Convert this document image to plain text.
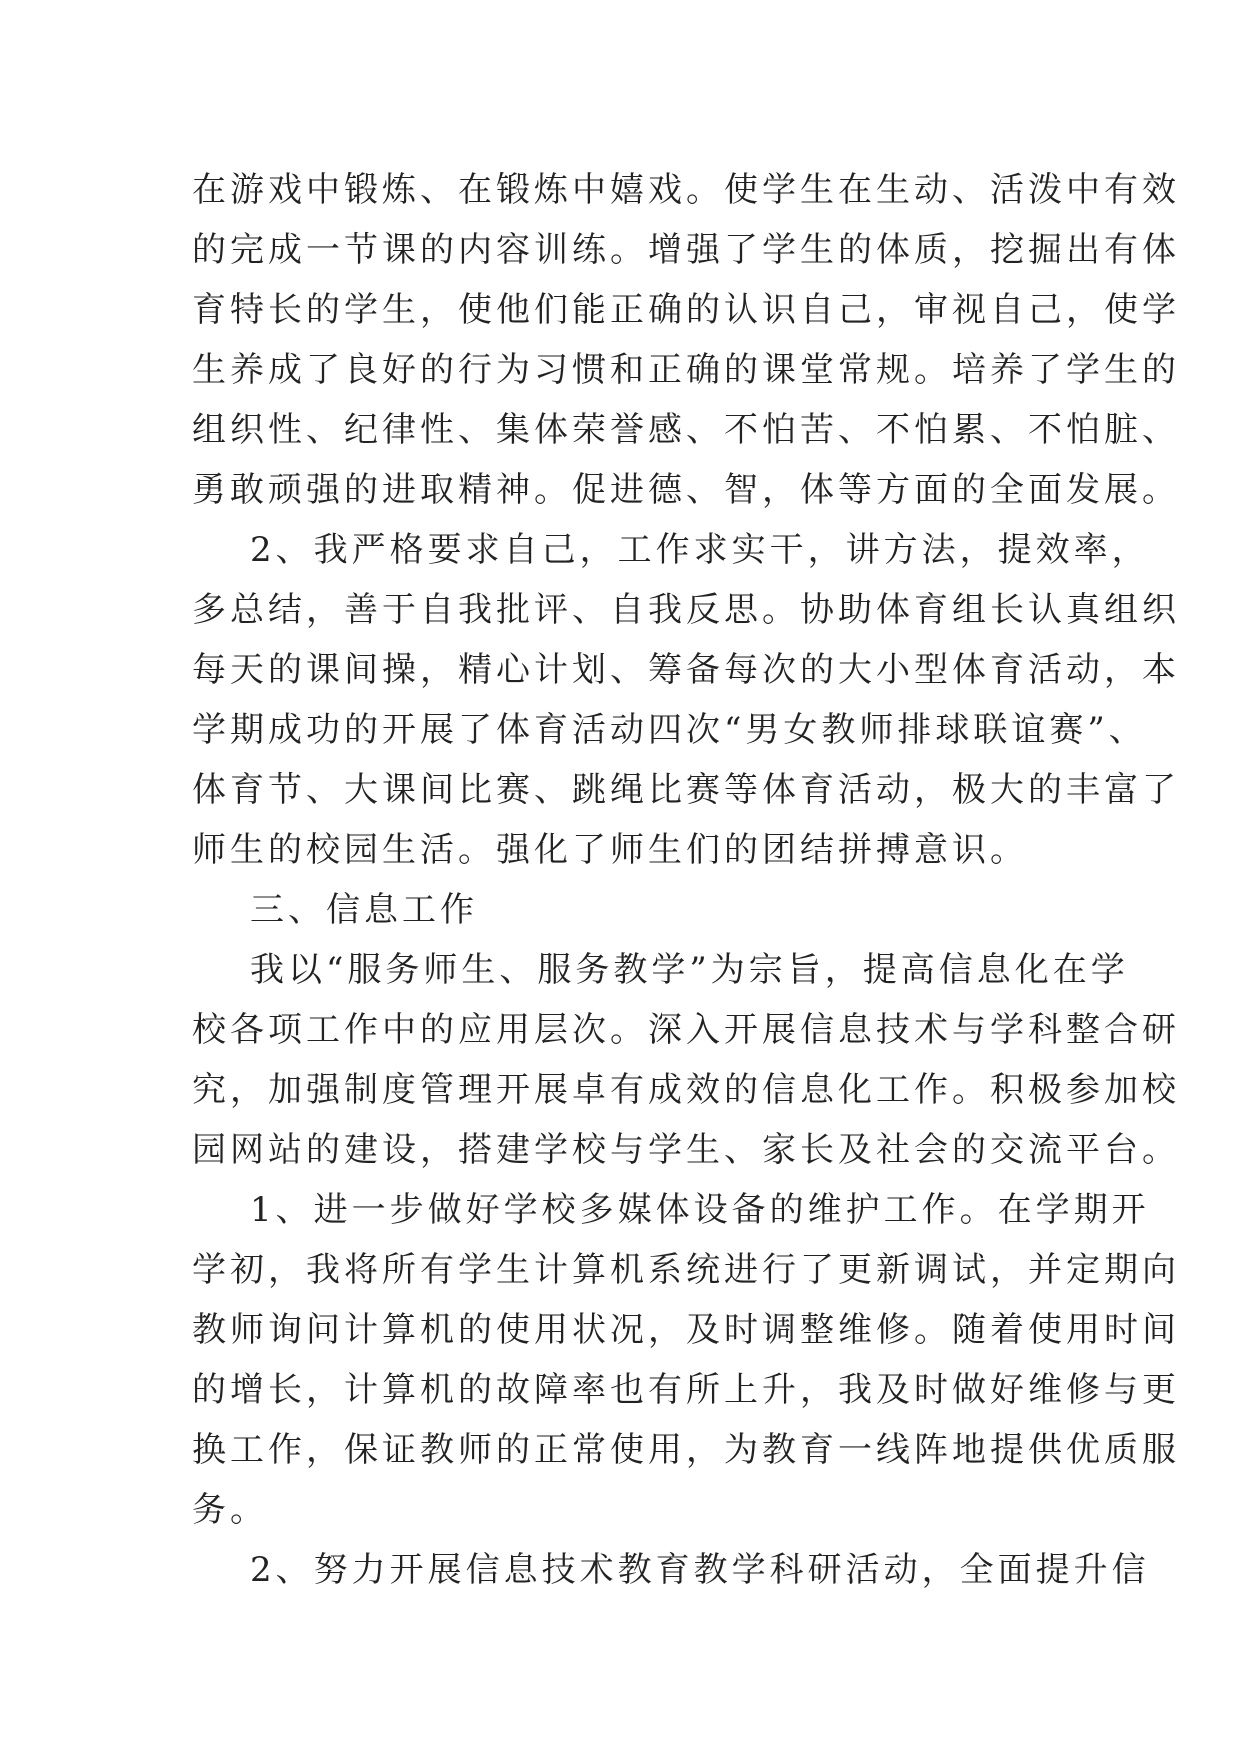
在游戏中锻炼、在锻炼中嬉戏。使学生在生动、活泼中有效
的完成一节课的内容训练。增强了学生的体质，挖掘出有体
育特长的学生，使他们能正确的认识自己，审视自己，使学
生养成了良好的行为习惯和正确的课堂常规。培养了学生的
组织性、纪律性、集体荣誉感、不怕苦、不怕累、不怕脏、
勇敢顽强的进取精神。促进德、智，体等方面的全面发展。
2、我严格要求自己，工作求实干，讲方法，提效率，
多总结，善于自我批评、自我反思。协助体育组长认真组织
每天的课间操，精心计划、筹备每次的大小型体育活动，本
学期成功的开展了体育活动四次“男女教师排球联谊赛”、
体育节、大课间比赛、跳绳比赛等体育活动，极大的丰富了
师生的校园生活。强化了师生们的团结拼搏意识。
三、信息工作
我以“服务师生、服务教学”为宗旨，提高信息化在学
校各项工作中的应用层次。深入开展信息技术与学科整合研
究，加强制度管理开展卓有成效的信息化工作。积极参加校
园网站的建设，搭建学校与学生、家长及社会的交流平台。
1、进一步做好学校多媒体设备的维护工作。在学期开
学初，我将所有学生计算机系统进行了更新调试，并定期向
教师询问计算机的使用状况，及时调整维修。随着使用时间
的增长，计算机的故障率也有所上升，我及时做好维修与更
换工作，保证教师的正常使用，为教育一线阵地提供优质服
务。
2、努力开展信息技术教育教学科研活动，全面提升信
